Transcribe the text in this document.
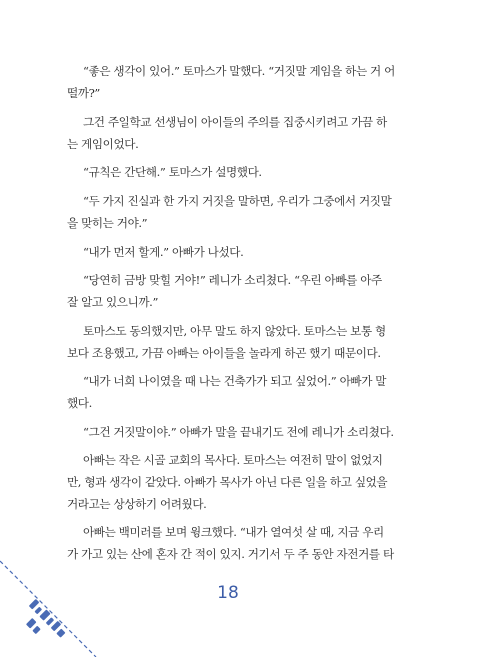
“좋은 생각이 있어.” 토마스가 말했다. “거짓말 게임을 하는 거 어
떨까?”
그건 주일학교 선생님이 아이들의 주의를 집중시키려고 가끔 하
는 게임이었다.
“규칙은 간단해.” 토마스가 설명했다.
“두 가지 진실과 한 가지 거짓을 말하면, 우리가 그중에서 거짓말
을 맞히는 거야.”
“내가 먼저 할게.” 아빠가 나섰다.
“당연히 금방 맞힐 거야!” 레니가 소리쳤다. “우린 아빠를 아주
잘 알고 있으니까.”
토마스도 동의했지만, 아무 말도 하지 않았다. 토마스는 보통 형
보다 조용했고, 가끔 아빠는 아이들을 놀라게 하곤 했기 때문이다.
“내가 너희 나이였을 때 나는 건축가가 되고 싶었어.” 아빠가 말
했다.
“그건 거짓말이야.” 아빠가 말을 끝내기도 전에 레니가 소리쳤다.
아빠는 작은 시골 교회의 목사다. 토마스는 여전히 말이 없었지
만, 형과 생각이 같았다. 아빠가 목사가 아닌 다른 일을 하고 싶었을
거라고는 상상하기 어려웠다.
아빠는 백미러를 보며 윙크했다. “내가 열여섯 살 때, 지금 우리
가 가고 있는 산에 혼자 간 적이 있지. 거기서 두 주 동안 자전거를 타
18
